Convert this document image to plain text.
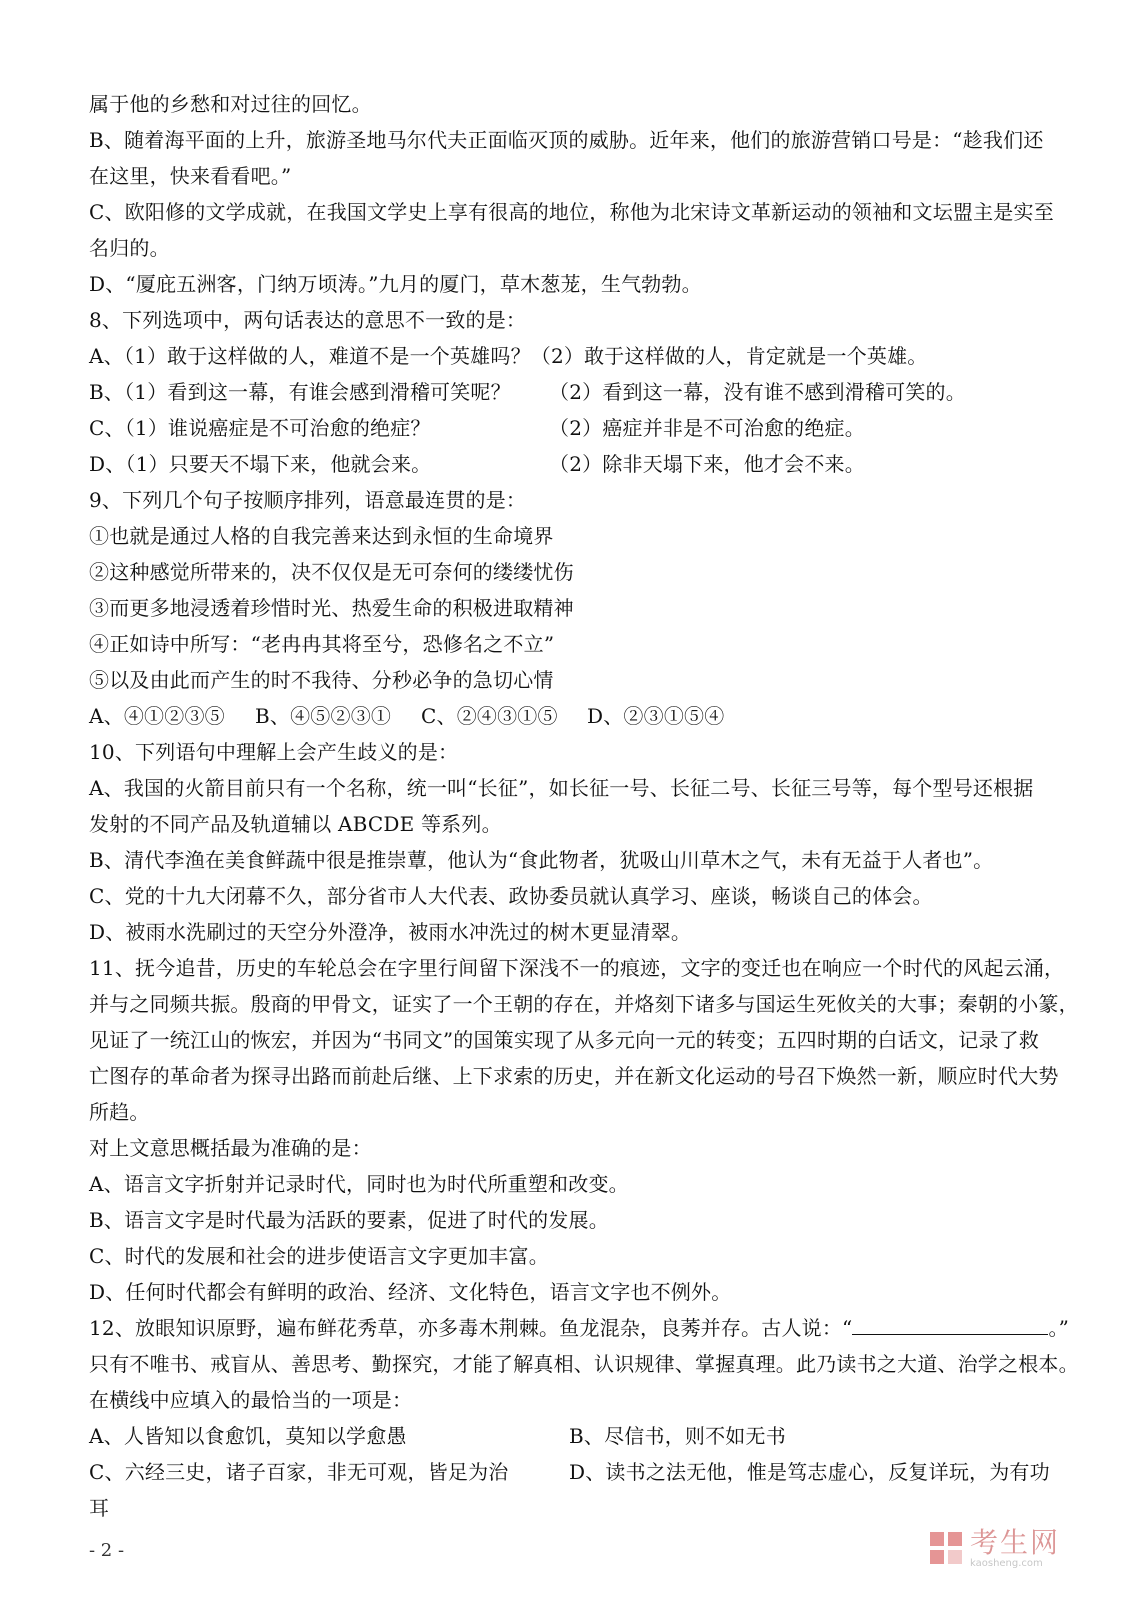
属于他的乡愁和对过往的回忆。
B、随着海平面的上升，旅游圣地马尔代夫正面临灭顶的威胁。近年来，他们的旅游营销口号是：“趁我们还
在这里，快来看看吧。”
C、欧阳修的文学成就，在我国文学史上享有很高的地位，称他为北宋诗文革新运动的领袖和文坛盟主是实至
名归的。
D、“厦庇五洲客，门纳万顷涛。”九月的厦门，草木葱茏，生气勃勃。
8、下列选项中，两句话表达的意思不一致的是：
A、（1）敢于这样做的人，难道不是一个英雄吗？（2）敢于这样做的人，肯定就是一个英雄。
B、（1）看到这一幕，有谁会感到滑稽可笑呢？	（2）看到这一幕，没有谁不感到滑稽可笑的。
C、（1）谁说癌症是不可治愈的绝症？	（2）癌症并非是不可治愈的绝症。
D、（1）只要天不塌下来，他就会来。	（2）除非天塌下来，他才会不来。
9、下列几个句子按顺序排列，语意最连贯的是：
①也就是通过人格的自我完善来达到永恒的生命境界
②这种感觉所带来的，决不仅仅是无可奈何的缕缕忧伤
③而更多地浸透着珍惜时光、热爱生命的积极进取精神
④正如诗中所写：“老冉冉其将至兮，恐修名之不立”
⑤以及由此而产生的时不我待、分秒必争的急切心情
A、④①②③⑤	B、④⑤②③①	C、②④③①⑤	D、②③①⑤④
10、下列语句中理解上会产生歧义的是：
A、我国的火箭目前只有一个名称，统一叫“长征”，如长征一号、长征二号、长征三号等，每个型号还根据
发射的不同产品及轨道辅以 ABCDE 等系列。
B、清代李渔在美食鲜蔬中很是推崇蕈，他认为“食此物者，犹吸山川草木之气，未有无益于人者也”。
C、党的十九大闭幕不久，部分省市人大代表、政协委员就认真学习、座谈，畅谈自己的体会。
D、被雨水洗刷过的天空分外澄净，被雨水冲洗过的树木更显清翠。
11、抚今追昔，历史的车轮总会在字里行间留下深浅不一的痕迹，文字的变迁也在响应一个时代的风起云涌，
并与之同频共振。殷商的甲骨文，证实了一个王朝的存在，并烙刻下诸多与国运生死攸关的大事；秦朝的小篆，
见证了一统江山的恢宏，并因为“书同文”的国策实现了从多元向一元的转变；五四时期的白话文，记录了救
亡图存的革命者为探寻出路而前赴后继、上下求索的历史，并在新文化运动的号召下焕然一新，顺应时代大势
所趋。
对上文意思概括最为准确的是：
A、语言文字折射并记录时代，同时也为时代所重塑和改变。
B、语言文字是时代最为活跃的要素，促进了时代的发展。
C、时代的发展和社会的进步使语言文字更加丰富。
D、任何时代都会有鲜明的政治、经济、文化特色，语言文字也不例外。
12、放眼知识原野，遍布鲜花秀草，亦多毒木荆棘。鱼龙混杂，良莠并存。古人说：“	。”
只有不唯书、戒盲从、善思考、勤探究，才能了解真相、认识规律、掌握真理。此乃读书之大道、治学之根本。
在横线中应填入的最恰当的一项是：
A、人皆知以食愈饥，莫知以学愈愚	B、尽信书，则不如无书
C、六经三史，诸子百家，非无可观，皆足为治	D、读书之法无他，惟是笃志虚心，反复详玩，为有功
耳
- 2 -	考生网
kaosheng.com
